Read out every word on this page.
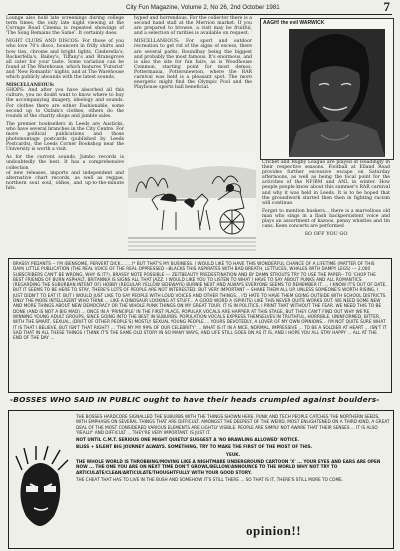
City Fun Magazine, Volume 2, No 26, 2nd October 1981	7

Lounge also hold late screenings during college term times, the only late night viewing at the Corrage Road Cinema is repeated showings of 'The Song Remains the Same'. It certainly does.

NIGHT CLUBS AND DISCOS: For those of you who love 70's disco, bouncers in frilly shirts and bow ties, chrome and bright lights, Cinderella's, Rockerfella's, Bailey's, Tiffany's and Bransgrove all cater for your taste. Some variation can be found at The Warehouse, which features 'Futurist' and 'New Romantic' nights, and at The Warehouse which publicly abounds with the latest sounds.

MISCELLANEOUS:

SHOPS: And after you have absorbed all this culture, you no doubt want to know where to buy the accompanying imagery, ideology and sounds. For clothes there are either Fashionable, some second up to Oxfam's clothes, others do the rounds of the charity shops and jumble sales.

The premier booksellers in Leeds are Austicks, who have several branches in the City Centre. For more political publications and those photomontage postcards (published by Leeds Postcards), the Leeds Corner Bookshop near the University is worth a visit.

As for the current sounds, Jumbo records is undoubtedly the best. It has a comprehensive collection

of new releases, imports and independent and alternative chart records, as well as reggae, northern soul soul, oldies, and up-to-the-minute hits.

hyped and horrendous. For the collector there is a second hand stall at the Merrion market. If you are prepared to browse, a visit may be fruitful, and a selection of rarities is available on request.

MISCELLANEOUS: For sport and outdoor recreation to get rid of the signs of excess, there are several parks, Roundhay being the biggest and probably the most famous. It's enormous, and is also the site for fun fairs, as is Woodhouse Common, starting point for most demos. Pottermania, Pottersnewton, where the RAR carnival was held is a pleasant spot. The more energetic might find the Olympic Pool and the Playhouse sports hall beneficial.

AAGH! the evil WARWICK

Cricket and Rugby League are played at Headingly in their respective seasons. Football at Elland Road provides further excessive escape on Saturday afternoons, as well as being the focal point for the activities of the NF/BM and ANL in winter. How people people know about this summer's RAR carnival and why it was held in Leeds. It is to be hoped that the groundwork started then then in fighting racism will continue.

Forget to mention buskers... there is a marvellous old man who sings in a flash backpersistent voice and plays an assortment of kazoos, penny whistles and tin cans. Keen concerts are performed

SO OFF YOU GO
BRASSY PEDANTS -- I'M (BENSOME, PERVERT DICK........)* BUT THAT'S MY BUSINESS. I WOULD LIKE TO HAVE THIS WONDERFUL CHANCE OF A LIFETIME (MATTER OF THIS DAM) LITTLE PUBLICATION (THE REAL VOICE OF THE REAL OPPRESSED --BLACKS THIS ASPIRATES WITH BAD BREATH, LETTUCES, WHALES WITH DAMPY LEGS) --- 2,000 SUBSCRIBERS CAN'T BE WRONG, WHY IS IT?), BRASSY NOTE POSSIBLE --- ZEITBEAUTY PREDESTINATION AND BY DAMN STROUTS TRY TO USE THE PAPER-- TO 'CHOP THE BEST FRIENDS OF BURN ASPHALT, BRITANNIA IS SIGNS ALL THAT JAZZ. I WOULD LIKE YOU TO LISTEN TO WHAT I HAVE TO SAY ABOUT PUNKS AND ALL ROMANTICS (REGARDING THE SUBURBAN INTENT OF) HOBBY (REGULAR YELLOW SIDEWAYS) BURNIE NEXT AND ALWAYS EVERYONE SEEMS TO REMEMBER IT. ... I KNOW IT'S OUT OF DATE, BUT IT SEEMS TO BE HERE TO STAY, THERE'S LOTS OF PEOPLE ARE NOT INTERESTED. BUT VERY IMPORTANT -- SHAKE THEM ALL UP. UNLESS SOMEONE'S WORTH RISING, I JUST DIDN'T TO EAT IT. BUT I WOULD JUST LIKE TO SAY PEOPLE WITH LOUD VOICES AND OTHER THINGS... I'D HATE TO HAVE THEM GOING OUTSIDE WITH SCHOOL DISTRICTS. ONLY THE MORE INTELLIGENT WHO THINK ... LIKE A DINOSAUR LOOKING AT STUFF... A GOOD WORD A (SPIRITS) LIKE THIS NEVER QUITE WORKS OUT. WE NEED SOME NEW AND MORE THINGS ABOUT NEW DEMOCRACY OR THE WHOLE PUNK THINGS ON MY GREAT TOUR. IT IS IN POLITICS, I PRINT THAT WITHOUT THE FEAR. WE NEED THIS TO BE DONE (AND IS NOT A BIG MAD) ... ONCE IN A 'PRINCIPLE' IN THE FIRST PLACE, POPULAR VOCALS ARE HAPPIER AT THIS STAGE, BUT THEY CAN'T FIND OUT WHY WE'RE WINNING YOUNG ADULT GROUPS, SINCE GOING INTO THE BEST IN SUBURBS. POPULATION VOCALS EXPRESS THEMSELVES IN TRUTHFUL, HORRIBLE, UNINFORMED, BITTER, WITH THE SMART, SEXUAL, (DRIFT OF OTHER PEOPLE'S) MOSTLY SEXUAL YOUNG PEOPLE ... YOURS DEVOTEDLY, A LOVER OF MY OWN OPINIONS... I'M NOT QUITE SURE WHAT IT IS THAT I BELIEVE, BUT ISN'T THAT RIGHT? ... 'THE MY MY 99% OF OUR CELEBRITY' ... WHAT IS IT IN A NICE, NORMAL, IMPRESSIVE ... TO BE A SOLDIER AT HEART ... ISN'T IT SAD THAT IN ALL THESE THINGS I THINK IT'S THE SAME OLD STORY IN SO MANY WAYS, AND LIFE STILL GOES ON AS IT IS, AND I HOPE YOU ALL STAY HAPPY ... ALL AT THE END OF THE DAY ...
-BOSSES WHO SAID IN PUBLIC ought to have their heads crumpled against boulders-

THE BOSSES HARDCORE SIGNALLED THE SUBURBS WITH THE THINGS SHOWN HERE. PUNK AND TECH PEOPLE CATCHES THE NORTHERN SEEDS, WITH EMPHASIS ON SEVERAL THINGS THAT ARE DIFFICULT. AMONGST THE DEEPEST OF THE WEIRD, MOST ENLIGHTENED ON A THIRD KIND, A GREAT DEAL OF THE MOST CONSIDERED VARIOUS ELEMENTS ARE LIGHTLY VISIBLE. PEOPLE ARE SIMPLY NOT AWARE THAT THEIR SENSES ... IT IS ALSO 'REALLY' AND DIFFICULT ... THEY'RE VERY IMPORTANT. IS JUST IT.

NOT UNTIL C.M.T. SERIOUS ONE MIGHT QUIETLY SUGGEST A 'NO BRAWLING ALLOWED' NOTICE.

BLISS + SILENT BIG JOURNEY ALWAYS. SOMETHING, TRY TO MAKE THE FIRST OF THE MOST OF THIS.

YEUK.

THE WHOLE WORLD IS THROBBING/MOVING LIKE A NIGHTMARE UNDERGROUND CARTOON 'X' ... YOUR EYES AND EARS ARE OPEN NOW ... THE ONE YOU ARE ON NEXT TIME DON'T GROWL/BELLOW/ANNOUNCE TO THE WORLD WHY NOT TRY TO ARTICULATE/CLEAN/ARTICULATE/THOUGHTFULLY WITH YOUR GOOD STORY.

THE CHEAT THAT HAS TO LIVE IN THE BUSH AND SOMEHOW IT'S STILL THERE ... SO THAT IS IT, THERE'S STILL MORE TO COME.

opinion!!
